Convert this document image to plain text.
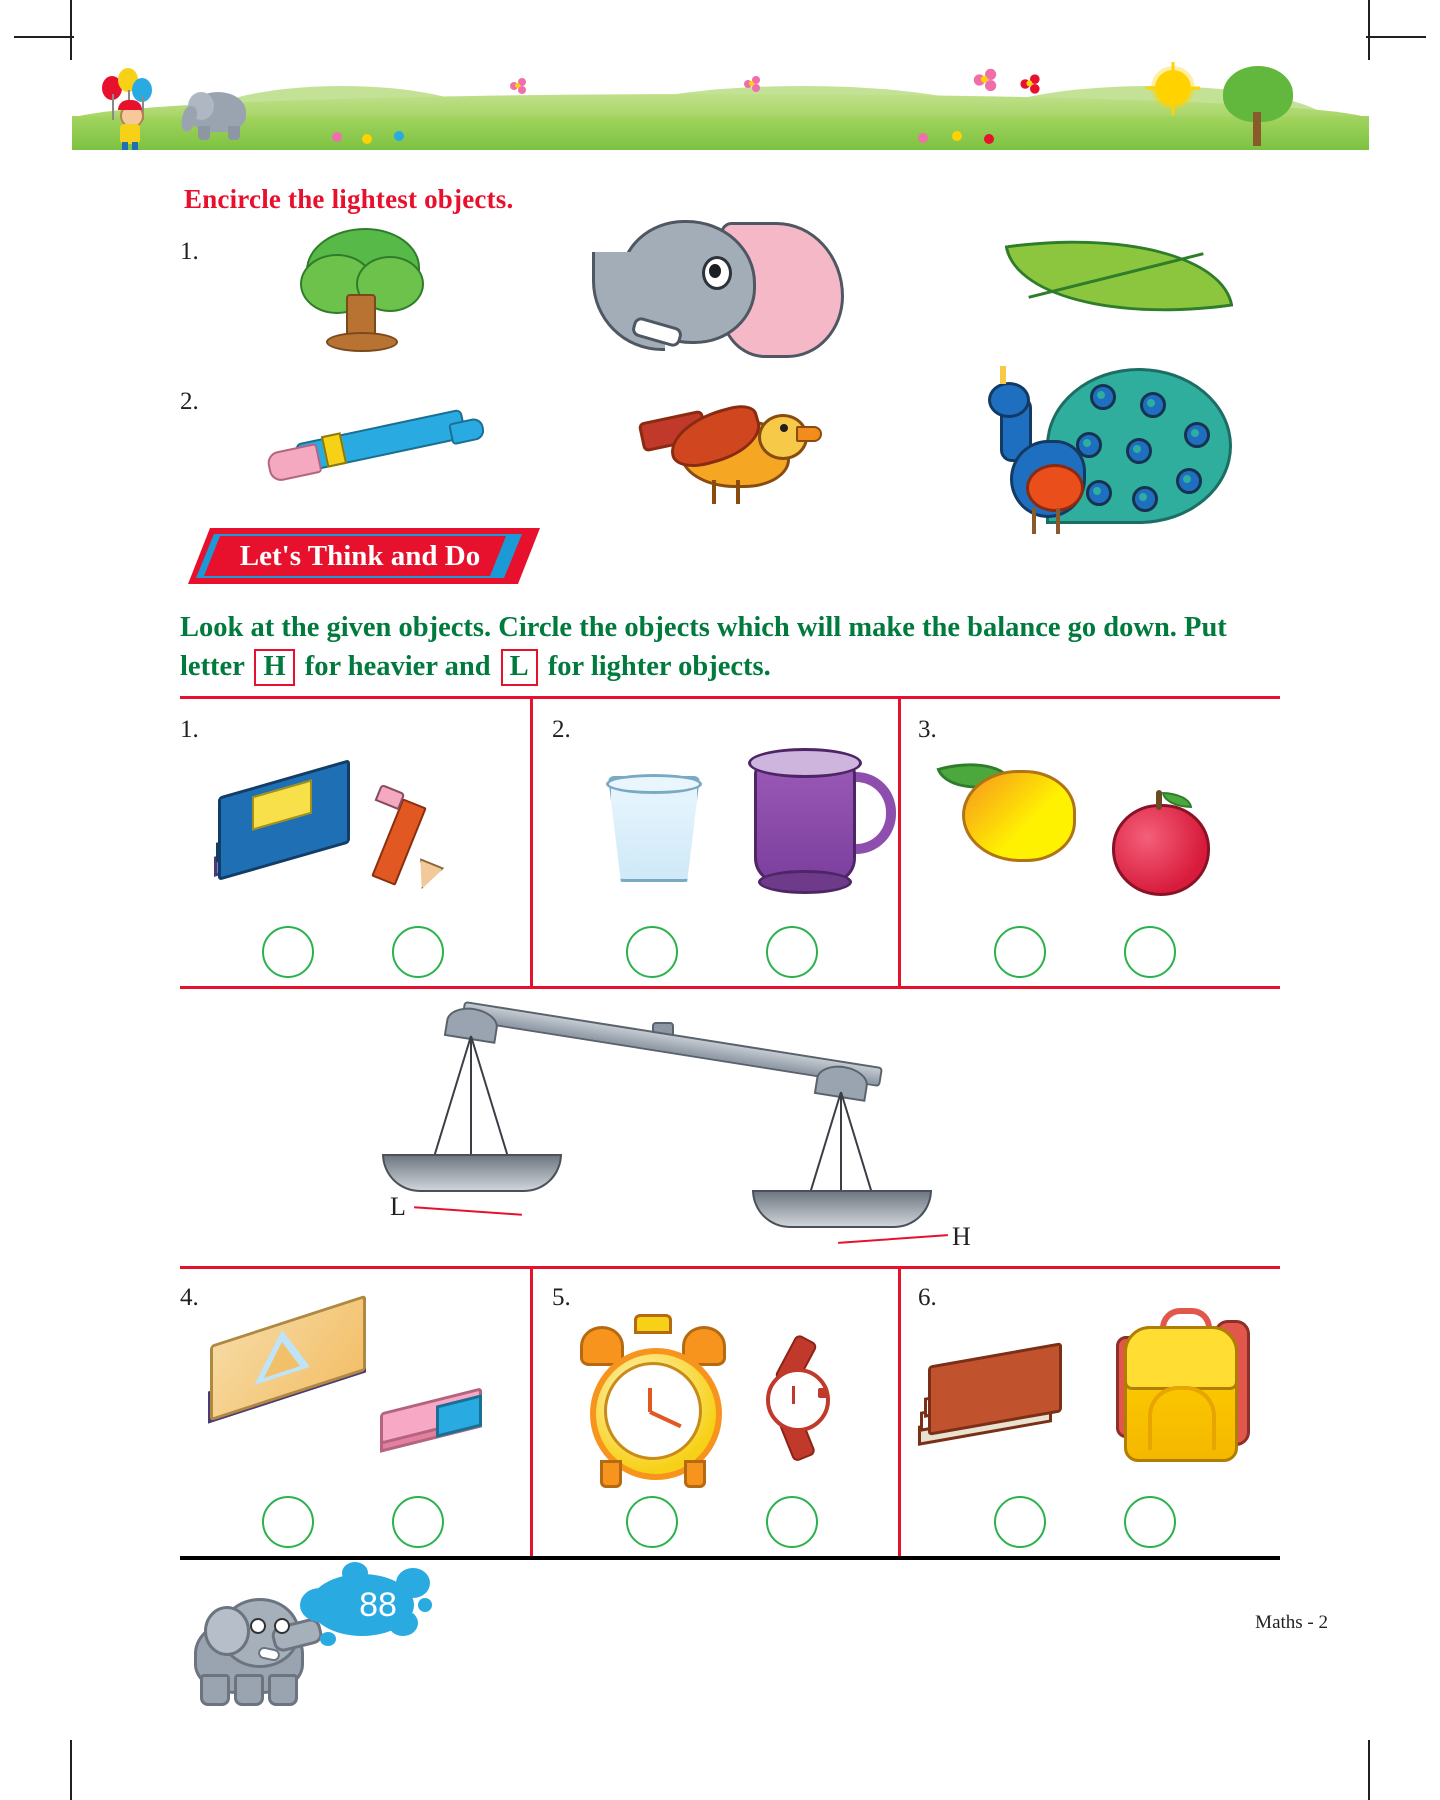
Encircle the lightest objects.
1.
2.
Let's Think and Do
Look at the given objects. Circle the objects which will make the balance go down. Put letter H for heavier and L for lighter objects.
1.	2.	3.
L
H
4.	5.	6.
88	Maths - 2
